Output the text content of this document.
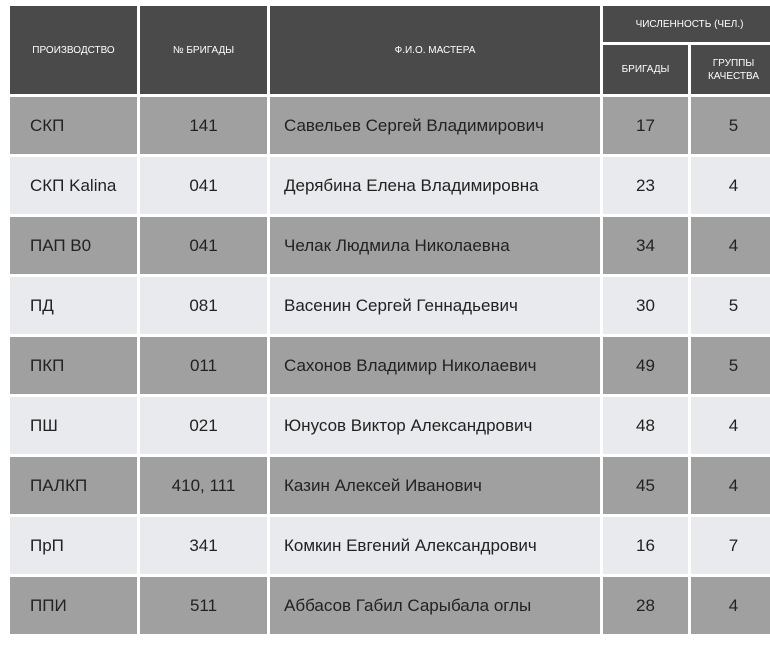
ПРОИЗВОДСТВО	№ БРИГАДЫ	Ф.И.О. МАСТЕРА	ЧИСЛЕННОСТЬ (ЧЕЛ.)	
			БРИГАДЫ	ГРУППЫ КАЧЕСТВА
СКП	141	Савельев Сергей Владимирович	17	5
СКП Kalina	041	Дерябина Елена Владимировна	23	4
ПАП В0	041	Челак Людмила Николаевна	34	4
ПД	081	Васенин Сергей Геннадьевич	30	5
ПКП	011	Сахонов Владимир Николаевич	49	5
ПШ	021	Юнусов Виктор Александрович	48	4
ПАЛКП	410, 111	Казин Алексей Иванович	45	4
ПрП	341	Комкин Евгений Александрович	16	7
ППИ	511	Аббасов Габил Сарыбала оглы	28	4
